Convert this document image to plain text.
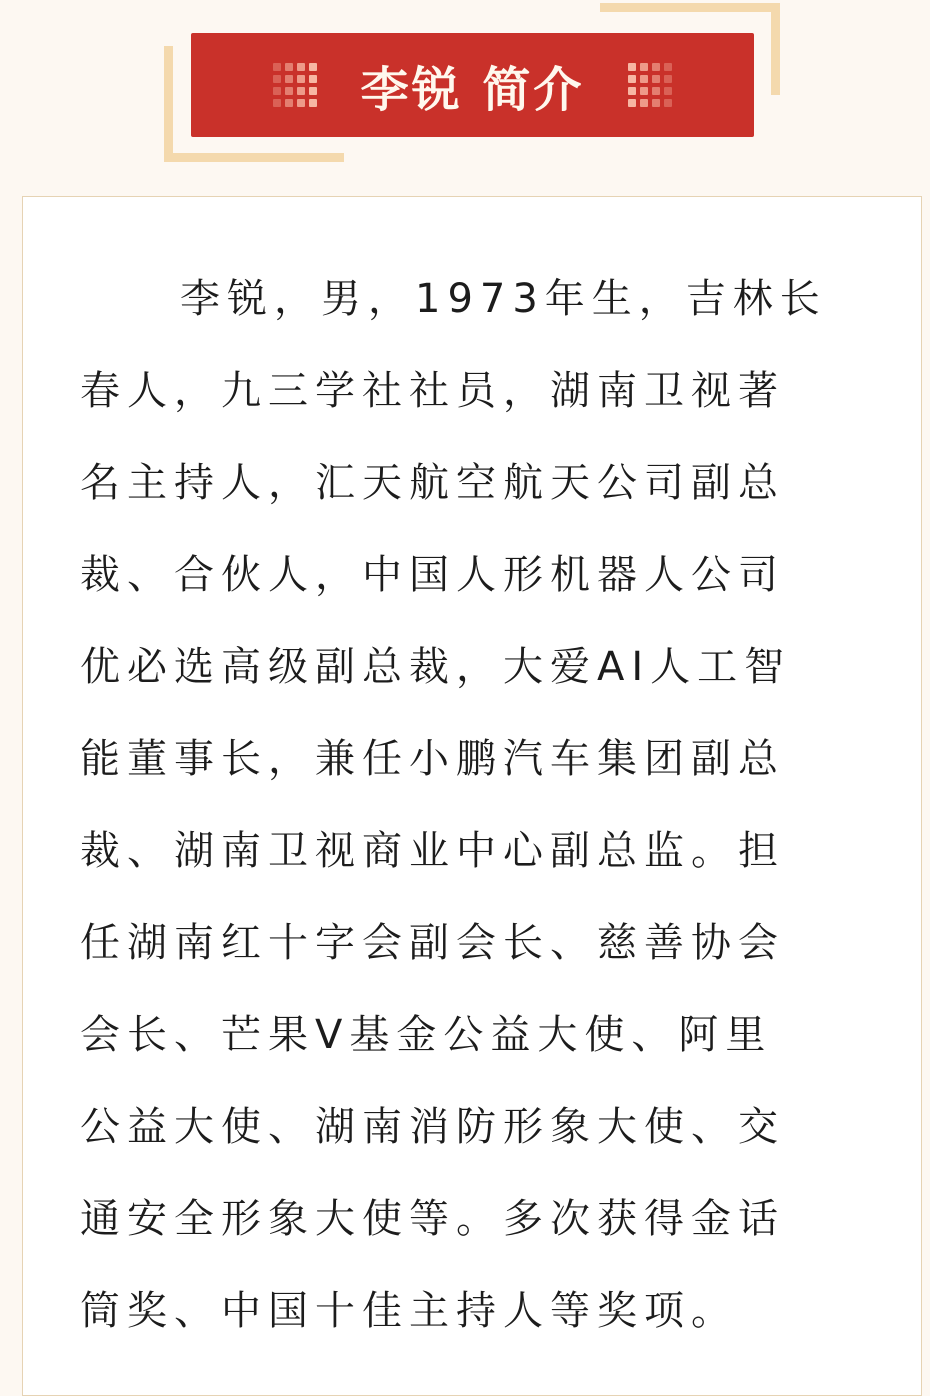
李锐 简介

李锐，男，1973年生，吉林长
春人，九三学社社员，湖南卫视著
名主持人，汇天航空航天公司副总
裁、合伙人，中国人形机器人公司
优必选高级副总裁，大爱AI人工智
能董事长，兼任小鹏汽车集团副总
裁、湖南卫视商业中心副总监。担
任湖南红十字会副会长、慈善协会
会长、芒果V基金公益大使、阿里
公益大使、湖南消防形象大使、交
通安全形象大使等。多次获得金话
筒奖、中国十佳主持人等奖项。
